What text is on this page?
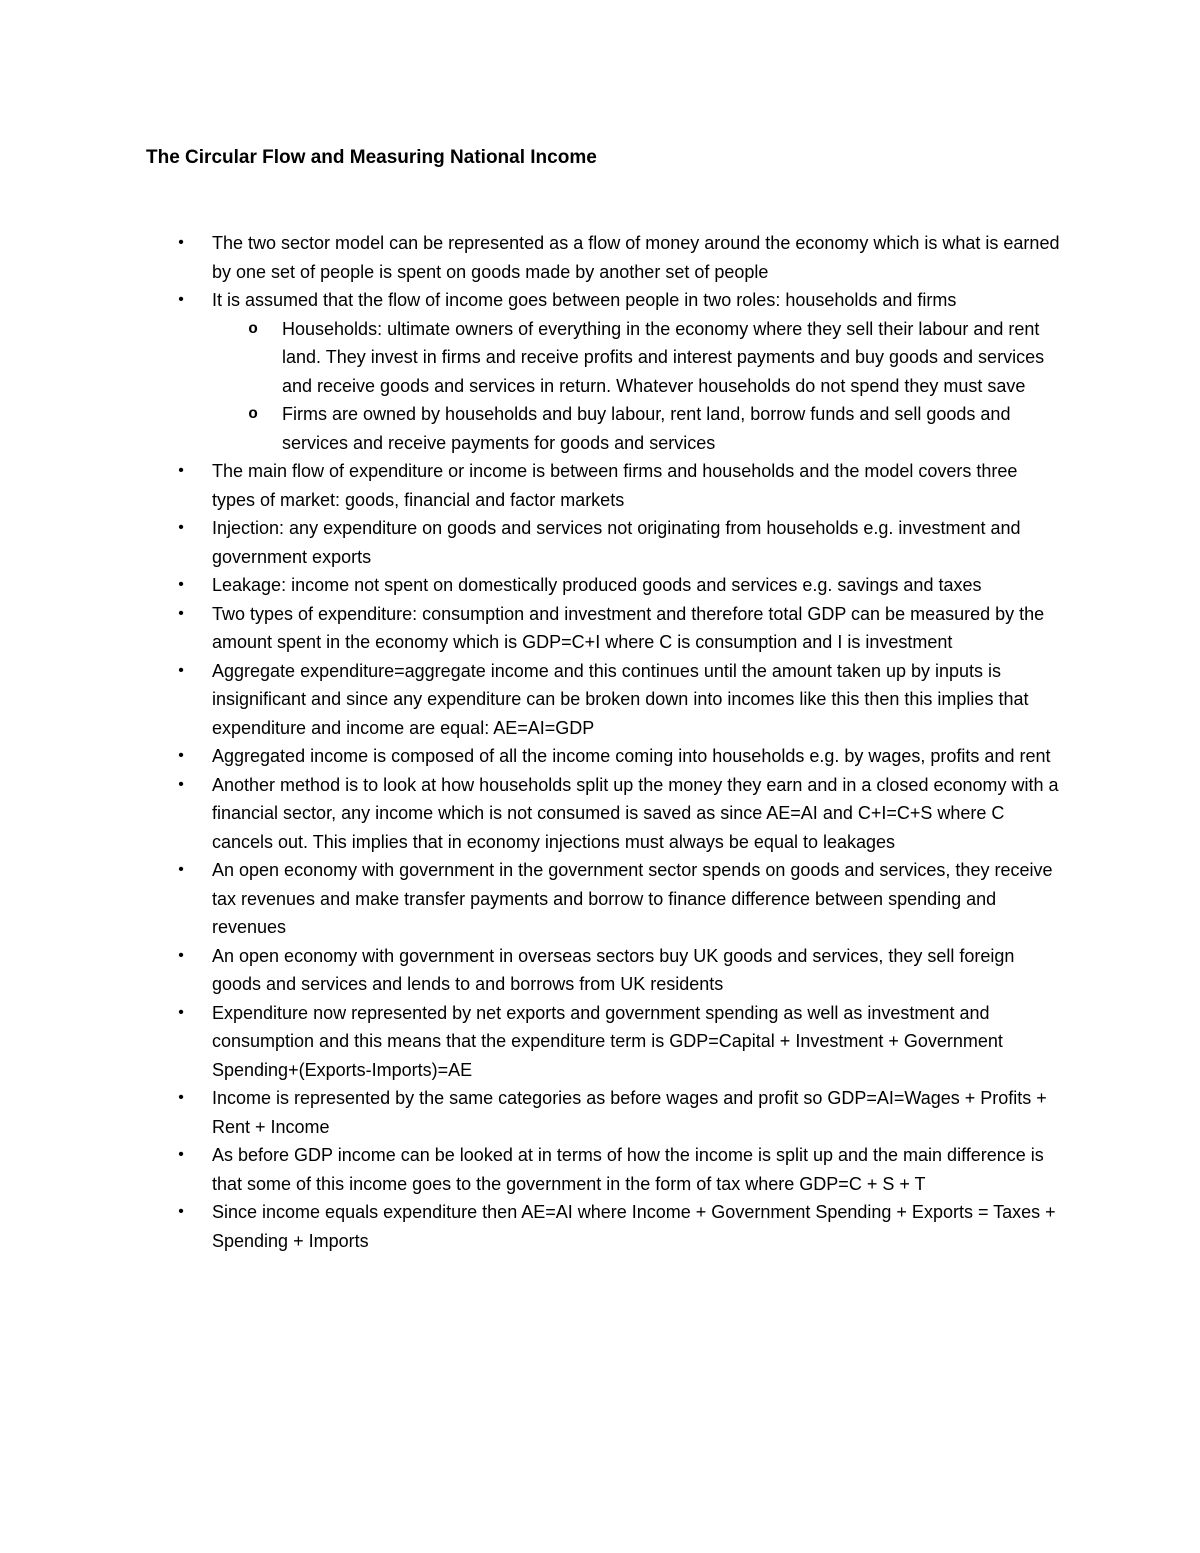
The Circular Flow and Measuring National Income
• The two sector model can be represented as a flow of money around the economy which is what is earned by one set of people is spent on goods made by another set of people
• It is assumed that the flow of income goes between people in two roles: households and firms
o Households: ultimate owners of everything in the economy where they sell their labour and rent land. They invest in firms and receive profits and interest payments and buy goods and services and receive goods and services in return. Whatever households do not spend they must save
o Firms are owned by households and buy labour, rent land, borrow funds and sell goods and services and receive payments for goods and services
• The main flow of expenditure or income is between firms and households and the model covers three types of market: goods, financial and factor markets
• Injection: any expenditure on goods and services not originating from households e.g. investment and government exports
• Leakage: income not spent on domestically produced goods and services e.g. savings and taxes
• Two types of expenditure: consumption and investment and therefore total GDP can be measured by the amount spent in the economy which is GDP=C+I where C is consumption and I is investment
• Aggregate expenditure=aggregate income and this continues until the amount taken up by inputs is insignificant and since any expenditure can be broken down into incomes like this then this implies that expenditure and income are equal: AE=AI=GDP
• Aggregated income is composed of all the income coming into households e.g. by wages, profits and rent
• Another method is to look at how households split up the money they earn and in a closed economy with a financial sector, any income which is not consumed is saved as since AE=AI and C+I=C+S where C cancels out. This implies that in economy injections must always be equal to leakages
• An open economy with government in the government sector spends on goods and services, they receive tax revenues and make transfer payments and borrow to finance difference between spending and revenues
• An open economy with government in overseas sectors buy UK goods and services, they sell foreign goods and services and lends to and borrows from UK residents
• Expenditure now represented by net exports and government spending as well as investment and consumption and this means that the expenditure term is GDP=Capital + Investment + Government Spending+(Exports-Imports)=AE
• Income is represented by the same categories as before wages and profit so GDP=AI=Wages + Profits + Rent + Income
• As before GDP income can be looked at in terms of how the income is split up and the main difference is that some of this income goes to the government in the form of tax where GDP=C + S + T
• Since income equals expenditure then AE=AI where Income + Government Spending + Exports = Taxes + Spending + Imports
